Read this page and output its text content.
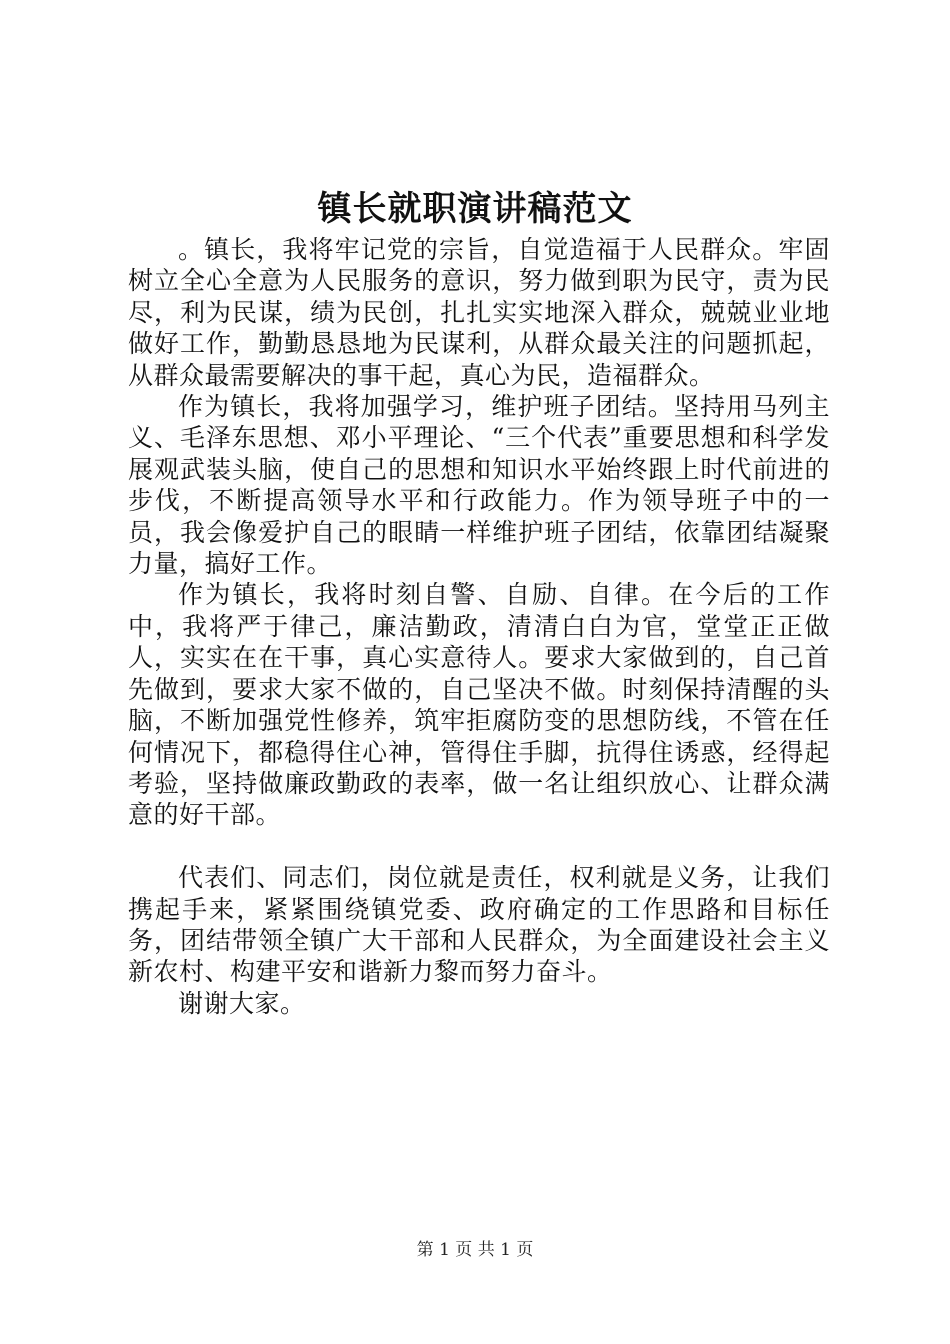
镇长就职演讲稿范文

。镇长，我将牢记党的宗旨，自觉造福于人民群众。牢固树立全心全意为人民服务的意识，努力做到职为民守，责为民尽，利为民谋，绩为民创，扎扎实实地深入群众，兢兢业业地做好工作，勤勤恳恳地为民谋利，从群众最关注的问题抓起，从群众最需要解决的事干起，真心为民，造福群众。

作为镇长，我将加强学习，维护班子团结。坚持用马列主义、毛泽东思想、邓小平理论、“三个代表”重要思想和科学发展观武装头脑，使自己的思想和知识水平始终跟上时代前进的步伐，不断提高领导水平和行政能力。作为领导班子中的一员，我会像爱护自己的眼睛一样维护班子团结，依靠团结凝聚力量，搞好工作。

作为镇长，我将时刻自警、自励、自律。在今后的工作中，我将严于律己，廉洁勤政，清清白白为官，堂堂正正做人，实实在在干事，真心实意待人。要求大家做到的，自己首先做到，要求大家不做的，自己坚决不做。时刻保持清醒的头脑，不断加强党性修养，筑牢拒腐防变的思想防线，不管在任何情况下，都稳得住心神，管得住手脚，抗得住诱惑，经得起考验，坚持做廉政勤政的表率，做一名让组织放心、让群众满意的好干部。

代表们、同志们，岗位就是责任，权利就是义务，让我们携起手来，紧紧围绕镇党委、政府确定的工作思路和目标任务，团结带领全镇广大干部和人民群众，为全面建设社会主义新农村、构建平安和谐新力黎而努力奋斗。

谢谢大家。

第 1 页 共 1 页
